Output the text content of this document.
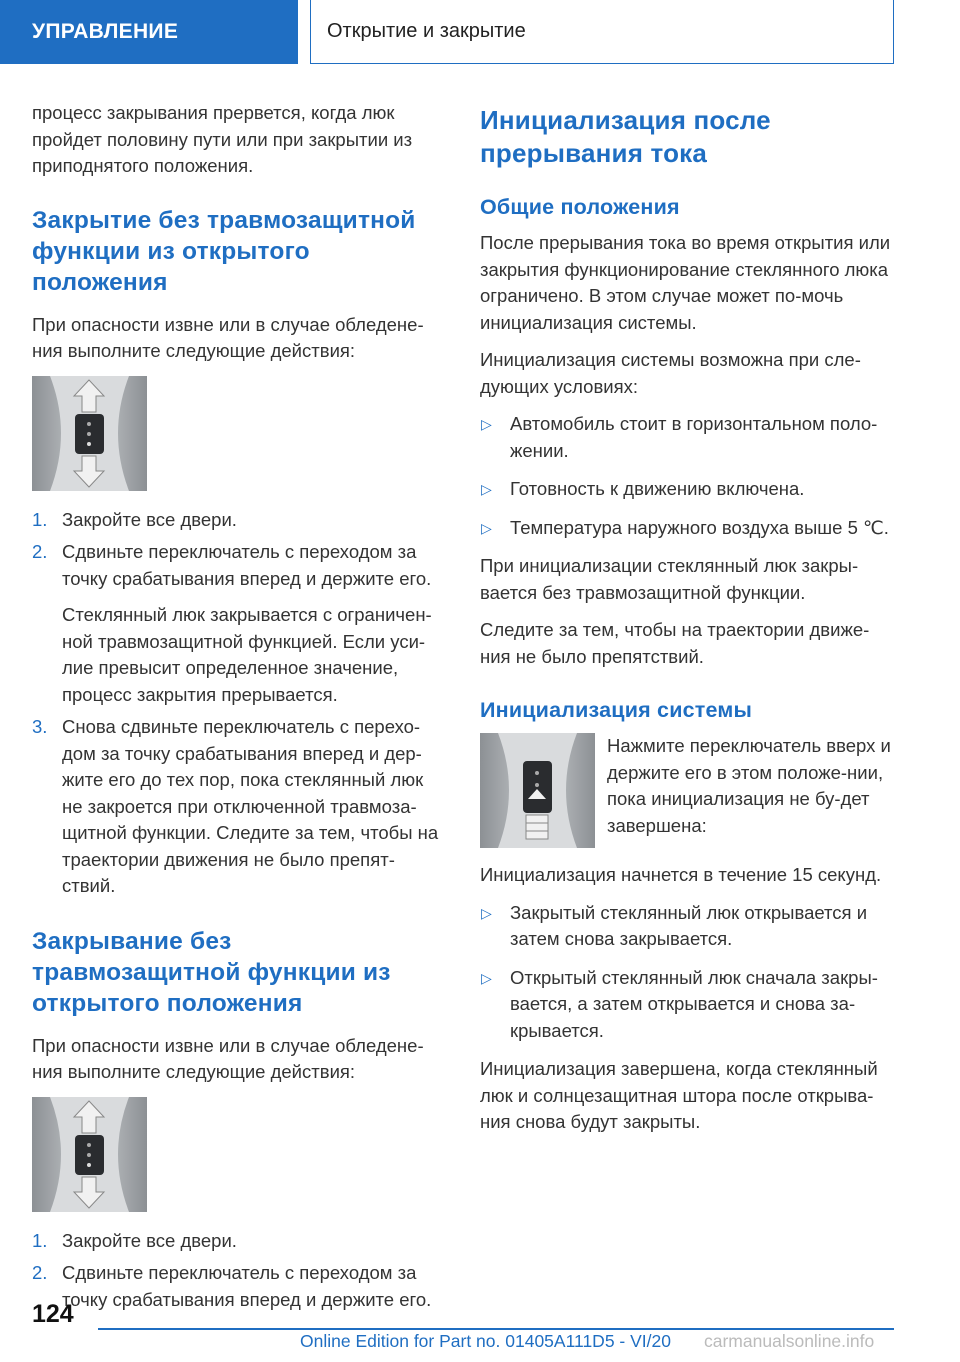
УПРАВЛЕНИЕ	Открытие и закрытие

процесс закрывания прервется, когда люк пройдет половину пути или при закрытии из приподнятого положения.

Закрытие без травмозащитной функции из открытого положения

При опасности извне или в случае обледене-ния выполните следующие действия:

1. Закройте все двери.
2. Сдвиньте переключатель с переходом за точку срабатывания вперед и держите его.
Стеклянный люк закрывается с ограничен-ной травмозащитной функцией. Если уси-лие превысит определенное значение, процесс закрытия прерывается.
3. Снова сдвиньте переключатель с перехо-дом за точку срабатывания вперед и дер-жите его до тех пор, пока стеклянный люк не закроется при отключенной травмоза-щитной функции. Следите за тем, чтобы на траектории движения не было препят-ствий.
Закрывание без травмозащитной функции из открытого положения

При опасности извне или в случае обледене-ния выполните следующие действия:

1. Закройте все двери.
2. Сдвиньте переключатель с переходом за точку срабатывания вперед и держите его.
Инициализация после прерывания тока
Общие положения

После прерывания тока во время открытия или закрытия функционирование стеклянного люка ограничено. В этом случае может по-мочь инициализация системы.

Инициализация системы возможна при сле-дующих условиях:

▷ Автомобиль стоит в горизонтальном поло-жении.
▷ Готовность к движению включена.
▷ Температура наружного воздуха выше 5 ℃.

При инициализации стеклянный люк закры-вается без травмозащитной функции.

Следите за тем, чтобы на траектории движе-ния не было препятствий.

Инициализация системы

Нажмите переключатель вверх и держите его в этом положе-нии, пока инициализация не бу-дет завершена:

Инициализация начнется в течение 15 секунд.

▷ Закрытый стеклянный люк открывается и затем снова закрывается.
▷ Открытый стеклянный люк сначала закры-вается, а затем открывается и снова за-крывается.

Инициализация завершена, когда стеклянный люк и солнцезащитная штора после открыва-ния снова будут закрыты.

124
Online Edition for Part no. 01405A111D5 - VI/20 carmanualsonline.info
